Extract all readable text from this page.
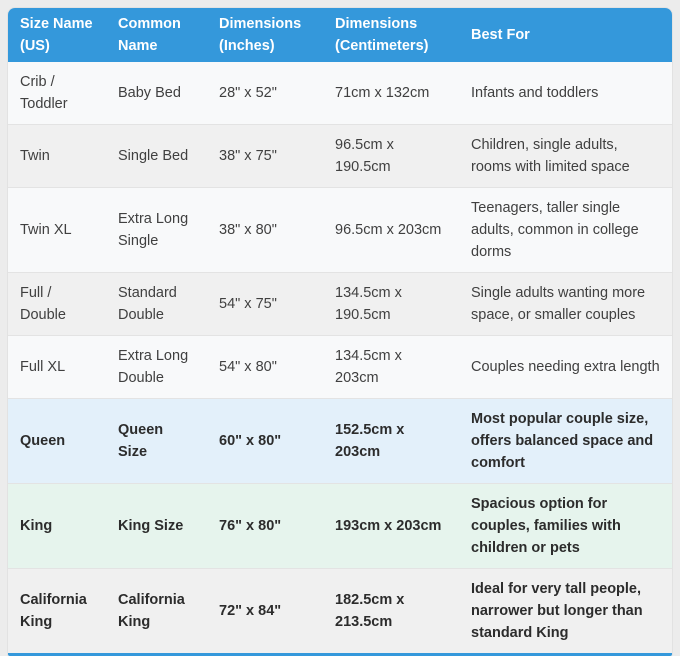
Size Name (US)	Common Name	Dimensions (Inches)	Dimensions (Centimeters)	Best For
Crib / Toddler	Baby Bed	28" x 52"	71cm x 132cm	Infants and toddlers
Twin	Single Bed	38" x 75"	96.5cm x 190.5cm	Children, single adults, rooms with limited space
Twin XL	Extra Long Single	38" x 80"	96.5cm x 203cm	Teenagers, taller single adults, common in college dorms
Full / Double	Standard Double	54" x 75"	134.5cm x 190.5cm	Single adults wanting more space, or smaller couples
Full XL	Extra Long Double	54" x 80"	134.5cm x 203cm	Couples needing extra length
Queen	Queen Size	60" x 80"	152.5cm x 203cm	Most popular couple size, offers balanced space and comfort
King	King Size	76" x 80"	193cm x 203cm	Spacious option for couples, families with children or pets
California King	California King	72" x 84"	182.5cm x 213.5cm	Ideal for very tall people, narrower but longer than standard King
